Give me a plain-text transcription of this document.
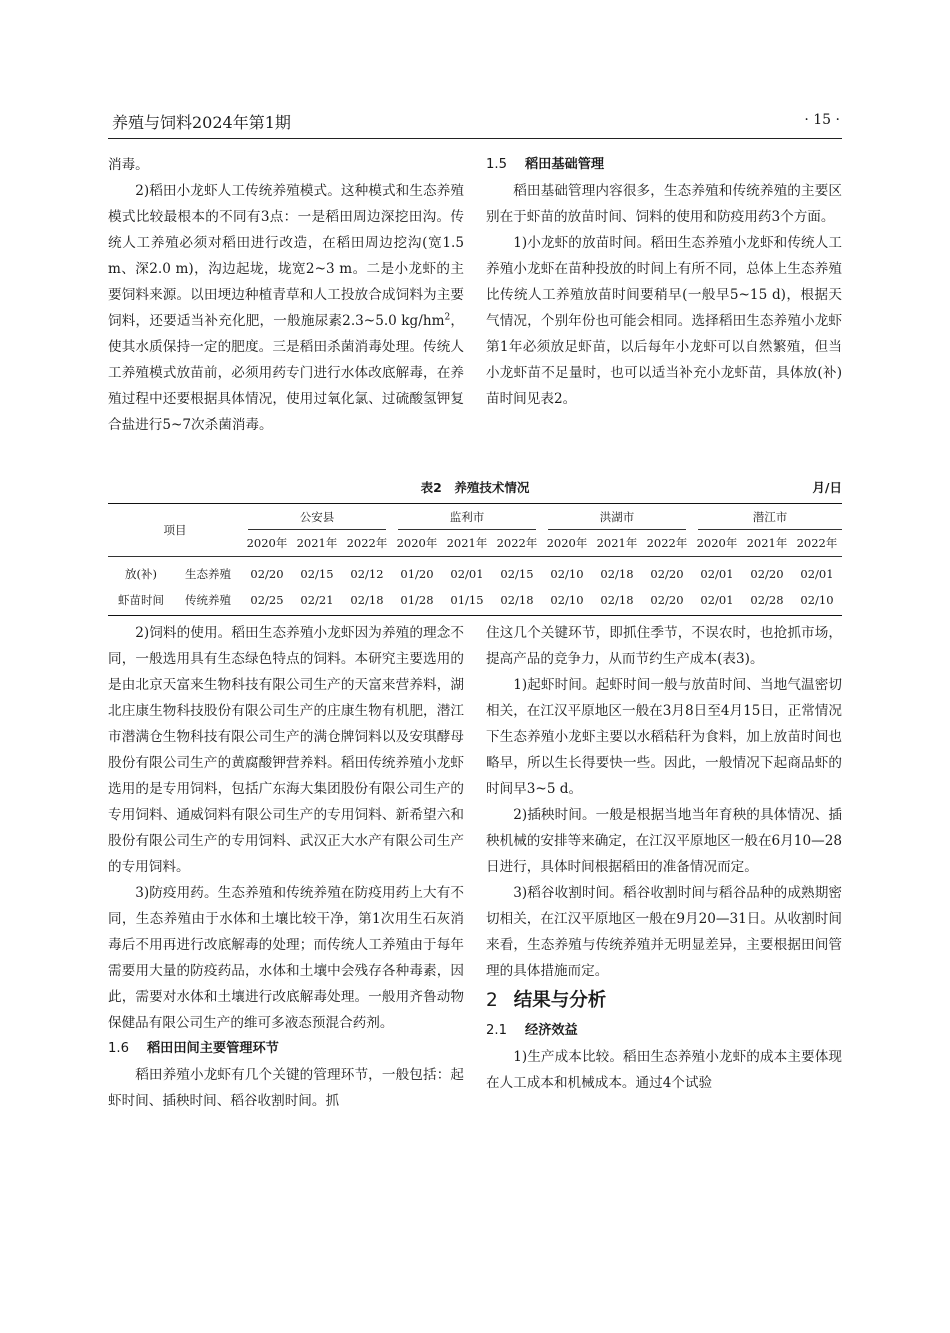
养殖与饲料2024年第1期	· 15 ·

消毒。

2)稻田小龙虾人工传统养殖模式。这种模式和生态养殖模式比较最根本的不同有3点：一是稻田周边深挖田沟。传统人工养殖必须对稻田进行改造，在稻田周边挖沟(宽1.5 m、深2.0 m)，沟边起垅，垅宽2~3 m。二是小龙虾的主要饲料来源。以田埂边种植青草和人工投放合成饲料为主要饲料，还要适当补充化肥，一般施尿素2.3~5.0 $kg/hm^2$，使其水质保持一定的肥度。三是稻田杀菌消毒处理。传统人工养殖模式放苗前，必须用药专门进行水体改底解毒，在养殖过程中还要根据具体情况，使用过氧化氯、过硫酸氢钾复合盐进行5~7次杀菌消毒。

1.5 稻田基础管理

稻田基础管理内容很多，生态养殖和传统养殖的主要区别在于虾苗的放苗时间、饲料的使用和防疫用药3个方面。

1)小龙虾的放苗时间。稻田生态养殖小龙虾和传统人工养殖小龙虾在苗种投放的时间上有所不同，总体上生态养殖比传统人工养殖放苗时间要稍早(一般早5~15 d)，根据天气情况，个别年份也可能会相同。选择稻田生态养殖小龙虾第1年必须放足虾苗，以后每年小龙虾可以自然繁殖，但当小龙虾苗不足量时，也可以适当补充小龙虾苗，具体放(补)苗时间见表2。

表2　养殖技术情况	月/日
项目		公安县			监利市			洪湖市			潜江市		

		2020年	2021年	2022年	2020年	2021年	2022年	2020年	2021年	2022年	2020年	2021年	2022年
放(补)	生态养殖	02/20	02/15	02/12	01/20	02/01	02/15	02/10	02/18	02/20	02/01	02/20	02/01
虾苗时间	传统养殖	02/25	02/21	02/18	01/28	01/15	02/18	02/10	02/18	02/20	02/01	02/28	02/10

2)饲料的使用。稻田生态养殖小龙虾因为养殖的理念不同，一般选用具有生态绿色特点的饲料。本研究主要选用的是由北京天富来生物科技有限公司生产的天富来营养料，湖北庄康生物科技股份有限公司生产的庄康生物有机肥，潜江市潜满仓生物科技有限公司生产的满仓牌饲料以及安琪酵母股份有限公司生产的黄腐酸钾营养料。稻田传统养殖小龙虾选用的是专用饲料，包括广东海大集团股份有限公司生产的专用饲料、通威饲料有限公司生产的专用饲料、新希望六和股份有限公司生产的专用饲料、武汉正大水产有限公司生产的专用饲料。

3)防疫用药。生态养殖和传统养殖在防疫用药上大有不同，生态养殖由于水体和土壤比较干净，第1次用生石灰消毒后不用再进行改底解毒的处理；而传统人工养殖由于每年需要用大量的防疫药品，水体和土壤中会残存各种毒素，因此，需要对水体和土壤进行改底解毒处理。一般用齐鲁动物保健品有限公司生产的维可多液态预混合药剂。

1.6 稻田田间主要管理环节

稻田养殖小龙虾有几个关键的管理环节，一般包括：起虾时间、插秧时间、稻谷收割时间。抓

住这几个关键环节，即抓住季节，不误农时，也抢抓市场，提高产品的竞争力，从而节约生产成本(表3)。

1)起虾时间。起虾时间一般与放苗时间、当地气温密切相关，在江汉平原地区一般在3月8日至4月15日，正常情况下生态养殖小龙虾主要以水稻秸秆为食料，加上放苗时间也略早，所以生长得要快一些。因此，一般情况下起商品虾的时间早3~5 d。

2)插秧时间。一般是根据当地当年育秧的具体情况、插秧机械的安排等来确定，在江汉平原地区一般在6月10—28日进行，具体时间根据稻田的准备情况而定。

3)稻谷收割时间。稻谷收割时间与稻谷品种的成熟期密切相关，在江汉平原地区一般在9月20—31日。从收割时间来看，生态养殖与传统养殖并无明显差异，主要根据田间管理的具体措施而定。

2 结果与分析

2.1 经济效益

1)生产成本比较。稻田生态养殖小龙虾的成本主要体现在人工成本和机械成本。通过4个试验
